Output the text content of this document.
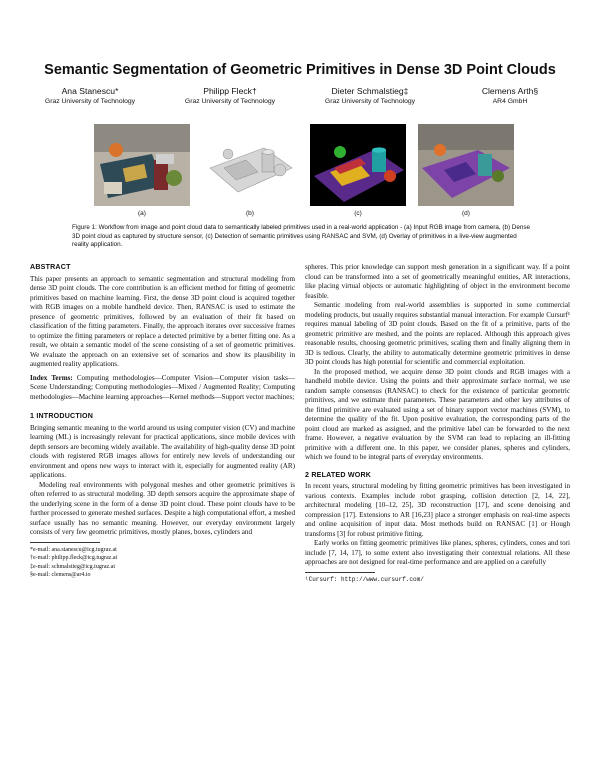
Semantic Segmentation of Geometric Primitives in Dense 3D Point Clouds
Ana Stanescu*
Graz University of Technology
Philipp Fleck†
Graz University of Technology
Dieter Schmalstieg‡
Graz University of Technology
Clemens Arth§
AR4 GmbH
(a)	(b)	(c)	(d)
Figure 1: Workflow from image and point cloud data to semantically labeled primitives used in a real-world application - (a) Input RGB image from camera, (b) Dense 3D point cloud as captured by structure sensor, (c) Detection of semantic primitives using RANSAC and SVM, (d) Overlay of primitives in a live-view augmented reality application.
ABSTRACT

This paper presents an approach to semantic segmentation and structural modeling from dense 3D point clouds. The core contribution is an efficient method for fitting of geometric primitives based on machine learning. First, the dense 3D point cloud is acquired together with RGB images on a mobile handheld device. Then, RANSAC is used to estimate the presence of geometric primitives, followed by an evaluation of their fit based on classification of the fitting parameters. Finally, the approach iterates over successive frames to optimize the fitting parameters or replace a detected primitive by a better fitting one. As a result, we obtain a semantic model of the scene consisting of a set of geometric primitives. We evaluate the approach on an extensive set of scenarios and show its plausibility in augmented reality applications.

Index Terms: Computing methodologies—Computer Vision—Computer vision tasks—Scene Understanding; Computing methodologies—Mixed / Augmented Reality; Computing methodologies—Machine learning approaches—Kernel methods—Support vector machines;

1 INTRODUCTION

Bringing semantic meaning to the world around us using computer vision (CV) and machine learning (ML) is increasingly relevant for practical applications, since mobile devices with depth sensors are becoming widely available. The availability of high-quality dense 3D point clouds with registered RGB images allows for entirely new levels of understanding our environment and opens new ways to interact with it, especially for augmented reality (AR) applications.

Modeling real environments with polygonal meshes and other geometric primitives is often referred to as structural modeling. 3D depth sensors acquire the approximate shape of the underlying scene in the form of a dense 3D point cloud. These point clouds have to be further processed to generate meshed surfaces. Despite a high computational effort, a meshed surface usually has no semantic meaning. However, our everyday environment largely consists of very few geometric primitives, mostly planes, boxes, cylinders and

*e-mail: ana.stanescu@icg.tugraz.at
†e-mail: philipp.fleck@icg.tugraz.at
‡e-mail: schmalstieg@icg.tugraz.at
§e-mail: clemens@ar4.io

spheres. This prior knowledge can support mesh generation in a significant way. If a point cloud can be transformed into a set of geometrically meaningful entities, AR interactions, like placing virtual objects or automatic highlighting of object in the environment become feasible.

Semantic modeling from real-world assemblies is supported in some commercial modeling products, but usually requires substantial manual interaction. For example Cursurf¹ requires manual labeling of 3D point clouds. Based on the fit of a primitive, parts of the geometric primitive are meshed, and the points are replaced. Although this approach gives reasonable results, choosing geometric primitives, scaling them and finally aligning them in 3D is tedious. Clearly, the ability to automatically determine geometric primitives in dense 3D point clouds has high potential for scientific and commercial exploitation.

In the proposed method, we acquire dense 3D point clouds and RGB images with a handheld mobile device. Using the points and their approximate surface normal, we use random sample consensus (RANSAC) to check for the existence of particular geometric primitives, and we estimate their parameters. These parameters and other key attributes of the fitted primitive are evaluated using a set of binary support vector machines (SVM), to determine the quality of the fit. Upon positive evaluation, the corresponding parts of the point cloud are marked as assigned, and the primitive label can be forwarded to the next frame. However, a negative evaluation by the SVM can lead to replacing an ill-fitting primitive with a different one. In this paper, we consider planes, spheres and cylinders, which we found to be integral parts of everyday environments.

2 RELATED WORK

In recent years, structural modeling by fitting geometric primitives has been investigated in various contexts. Examples include robot grasping, collision detection [2, 14, 22], architectural modeling [10–12, 25], 3D reconstruction [17], and scene denoising and compression [17]. Extensions to AR [16,23] place a stronger emphasis on real-time aspects and online acquisition of input data. Most methods build on RANSAC [1] or Hough transforms [3] for robust primitive fitting.

Early works on fitting geometric primitives like planes, spheres, cylinders, cones and tori include [7, 14, 17], to some extent also investigating their contextual relations. All these approaches are not designed for real-time performance and are applied on a carefully

¹Cursurf: http://www.cursurf.com/
